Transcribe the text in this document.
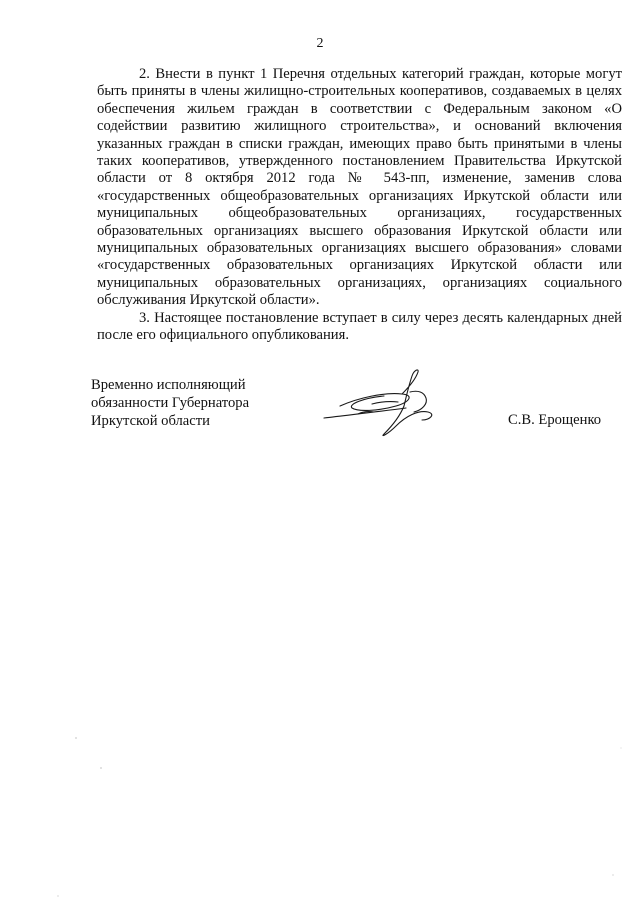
2

2. Внести в пункт 1 Перечня отдельных категорий граждан, которые могут быть приняты в члены жилищно-строительных кооперативов, создаваемых в целях обеспечения жильем граждан в соответствии с Федеральным законом «О содействии развитию жилищного строительства», и оснований включения указанных граждан в списки граждан, имеющих право быть принятыми в члены таких кооперативов, утвержденного постановлением Правительства Иркутской области от 8 октября 2012 года № 543-пп, изменение, заменив слова «государственных общеобразовательных организациях Иркутской области или муниципальных общеобразовательных организациях, государственных образовательных организациях высшего образования Иркутской области или муниципальных образовательных организациях высшего образования» словами «государственных образовательных организациях Иркутской области или муниципальных образовательных организациях, организациях социального обслуживания Иркутской области».

3. Настоящее постановление вступает в силу через десять календарных дней после его официального опубликования.

Временно исполняющий
обязанности Губернатора
Иркутской области	С.В. Ерощенко
